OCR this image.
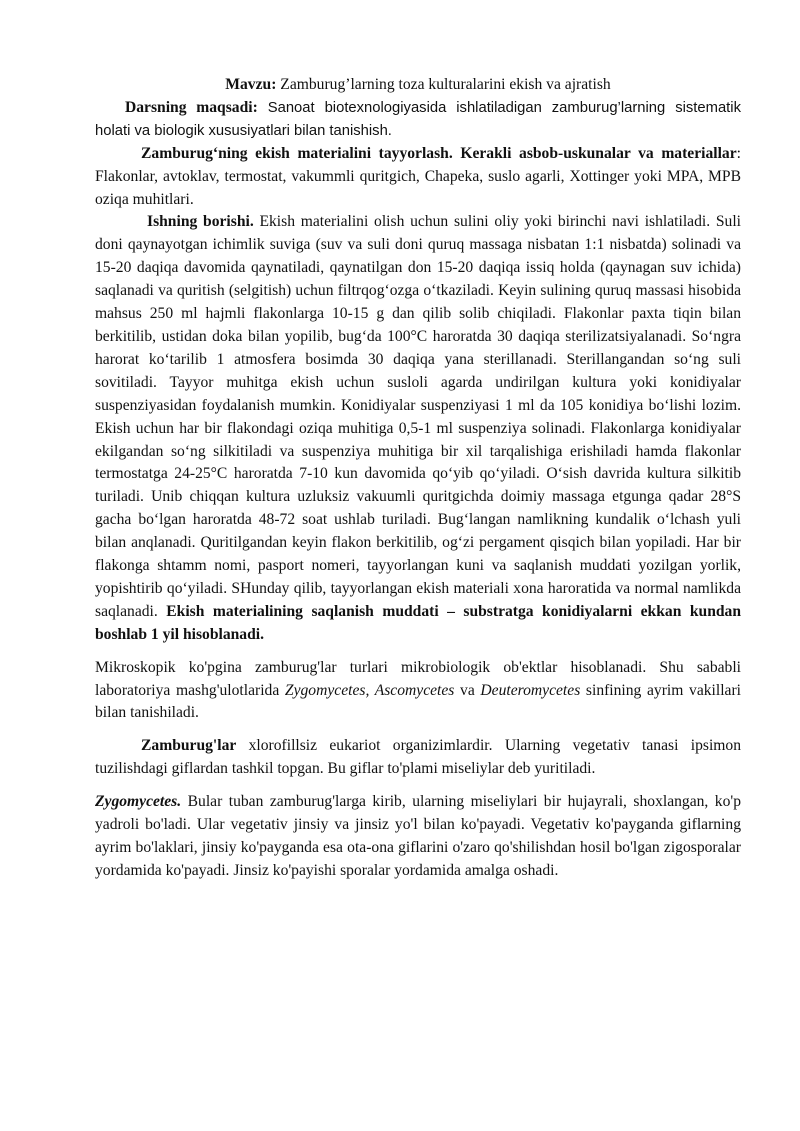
Mavzu: Zamburug’larning toza kulturalarini ekish va ajratish

Darsning maqsadi: Sanoat biotexnologiyasida ishlatiladigan zamburug’larning sistematik holati va biologik xususiyatlari bilan tanishish.

Zamburug‘ning ekish materialini tayyorlash. Kerakli asbob-uskunalar va materiallar: Flakonlar, avtoklav, termostat, vakummli quritgich, Chapeka, suslo agarli, Xottinger yoki MPA, MPB oziqa muhitlari.

Ishning borishi. Ekish materialini olish uchun sulini oliy yoki birinchi navi ishlatiladi. Suli doni qaynayotgan ichimlik suviga (suv va suli doni quruq massaga nisbatan 1:1 nisbatda) solinadi va 15-20 daqiqa davomida qaynatiladi, qaynatilgan don 15-20 daqiqa issiq holda (qaynagan suv ichida) saqlanadi va quritish (selgitish) uchun filtrqog‘ozga o‘tkaziladi. Keyin sulining quruq massasi hisobida mahsus 250 ml hajmli flakonlarga 10-15 g dan qilib solib chiqiladi. Flakonlar paxta tiqin bilan berkitilib, ustidan doka bilan yopilib, bug‘da 100°C haroratda 30 daqiqa sterilizatsiyalanadi. So‘ngra harorat ko‘tarilib 1 atmosfera bosimda 30 daqiqa yana sterillanadi. Sterillangandan so‘ng suli sovitiladi. Tayyor muhitga ekish uchun susloli agarda undirilgan kultura yoki konidiyalar suspenziyasidan foydalanish mumkin. Konidiyalar suspenziyasi 1 ml da 105 konidiya bo‘lishi lozim. Ekish uchun har bir flakondagi oziqa muhitiga 0,5-1 ml suspenziya solinadi. Flakonlarga konidiyalar ekilgandan so‘ng silkitiladi va suspenziya muhitiga bir xil tarqalishiga erishiladi hamda flakonlar termostatga 24-25°C haroratda 7-10 kun davomida qo‘yib qo‘yiladi. O‘sish davrida kultura silkitib turiladi. Unib chiqqan kultura uzluksiz vakuumli quritgichda doimiy massaga etgunga qadar 28°S gacha bo‘lgan haroratda 48-72 soat ushlab turiladi. Bug‘langan namlikning kundalik o‘lchash yuli bilan anqlanadi. Quritilgandan keyin flakon berkitilib, og‘zi pergament qisqich bilan yopiladi. Har bir flakonga shtamm nomi, pasport nomeri, tayyorlangan kuni va saqlanish muddati yozilgan yorlik, yopishtirib qo‘yiladi. SHunday qilib, tayyorlangan ekish materiali xona haroratida va normal namlikda saqlanadi. Ekish materialining saqlanish muddati – substratga konidiyalarni ekkan kundan boshlab 1 yil hisoblanadi.

Mikroskopik ko'pgina zamburug'lar turlari mikrobiologik ob'ektlar hisoblanadi. Shu sababli laboratoriya mashg'ulotlarida Zygomycetes, Ascomycetes va Deuteromycetes sinfining ayrim vakillari bilan tanishiladi.

Zamburug'lar xlorofillsiz eukariot organizimlardir. Ularning vegetativ tanasi ipsimon tuzilishdagi giflardan tashkil topgan. Bu giflar to'plami miseliylar deb yuritiladi.

Zygomycetes. Bular tuban zamburug'larga kirib, ularning miseliylari bir hujayrali, shoxlangan, ko'p yadroli bo'ladi. Ular vegetativ jinsiy va jinsiz yo'l bilan ko'payadi. Vegetativ ko'payganda giflarning ayrim bo'laklari, jinsiy ko'payganda esa ota-ona giflarini o'zaro qo'shilishdan hosil bo'lgan zigosporalar yordamida ko'payadi. Jinsiz ko'payishi sporalar yordamida amalga oshadi.
